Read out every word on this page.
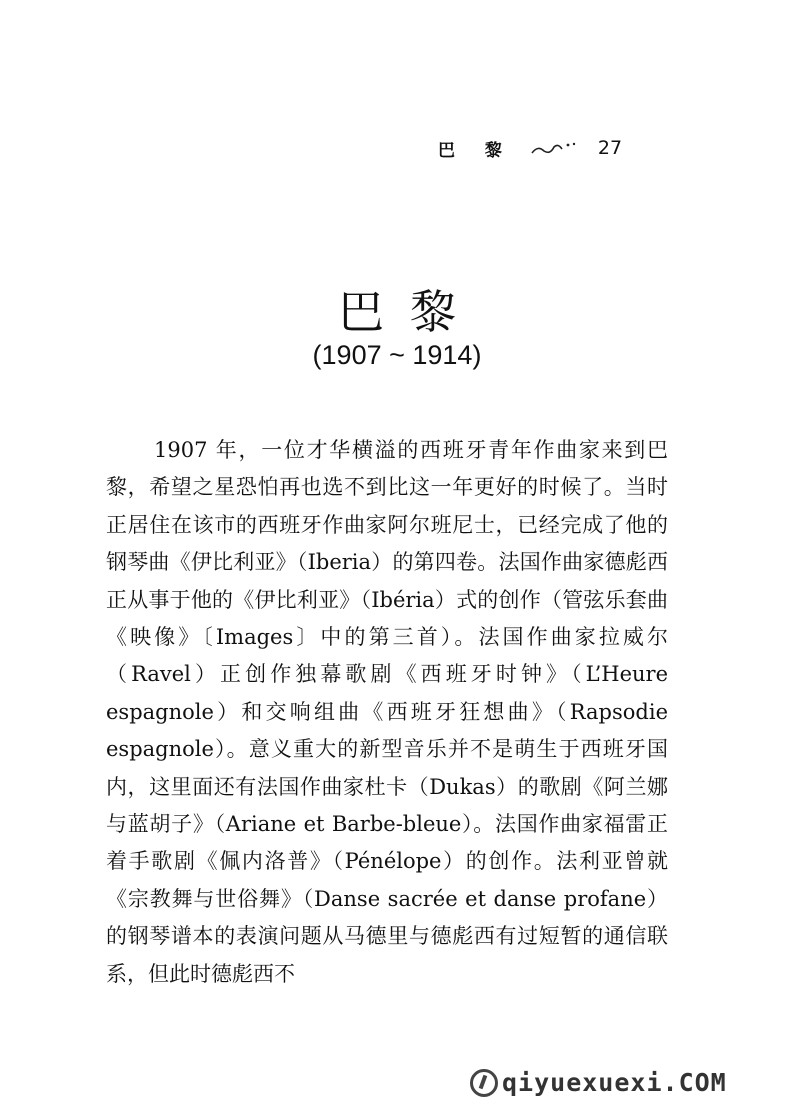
巴 黎	27
巴黎
(1907 ~ 1914)

1907 年，一位才华横溢的西班牙青年作曲家来到巴黎，希望之星恐怕再也选不到比这一年更好的时候了。当时正居住在该市的西班牙作曲家阿尔班尼士，已经完成了他的钢琴曲《伊比利亚》（Iberia）的第四卷。法国作曲家德彪西正从事于他的《伊比利亚》（Ibéria）式的创作（管弦乐套曲《映像》〔Images〕中的第三首）。法国作曲家拉威尔（Ravel）正创作独幕歌剧《西班牙时钟》（L’Heure espagnole）和交响组曲《西班牙狂想曲》（Rapsodie espagnole）。意义重大的新型音乐并不是萌生于西班牙国内，这里面还有法国作曲家杜卡（Dukas）的歌剧《阿兰娜与蓝胡子》（Ariane et Barbe-bleue）。法国作曲家福雷正着手歌剧《佩内洛普》（Pénélope）的创作。法利亚曾就《宗教舞与世俗舞》（Danse sacrée et danse profane）的钢琴谱本的表演问题从马德里与德彪西有过短暂的通信联系，但此时德彪西不

qiyuexuexi.COM
